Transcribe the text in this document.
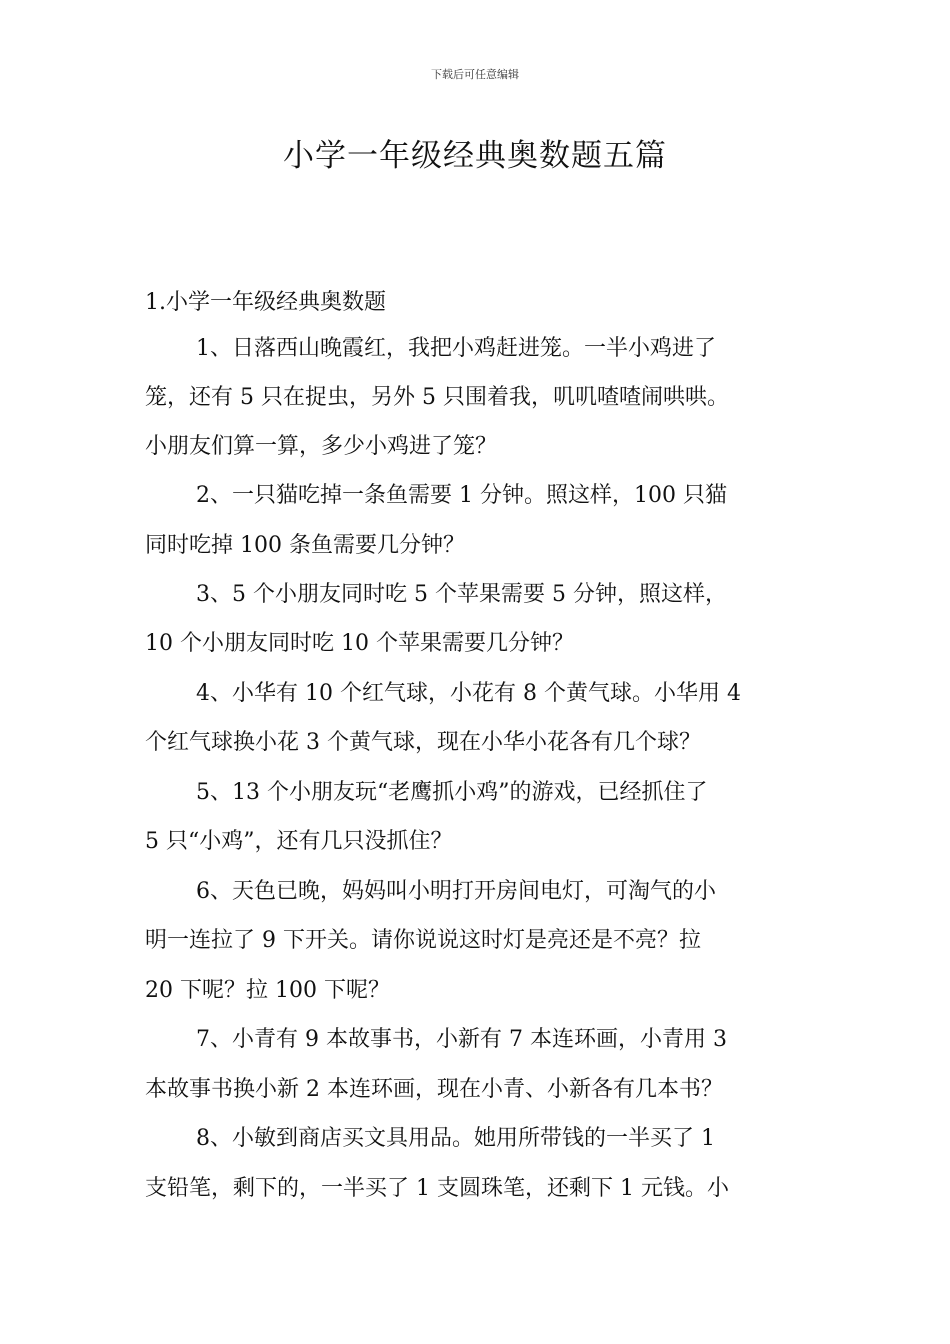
下载后可任意编辑
小学一年级经典奥数题五篇
1.小学一年级经典奥数题
1、日落西山晚霞红，我把小鸡赶进笼。一半小鸡进了
笼，还有 5 只在捉虫，另外 5 只围着我，叽叽喳喳闹哄哄。
小朋友们算一算，多少小鸡进了笼？
2、一只猫吃掉一条鱼需要 1 分钟。照这样，100 只猫
同时吃掉 100 条鱼需要几分钟？
3、5 个小朋友同时吃 5 个苹果需要 5 分钟，照这样，
10 个小朋友同时吃 10 个苹果需要几分钟？
4、小华有 10 个红气球，小花有 8 个黄气球。小华用 4
个红气球换小花 3 个黄气球，现在小华小花各有几个球？
5、13 个小朋友玩“老鹰抓小鸡”的游戏，已经抓住了
5 只“小鸡”，还有几只没抓住？
6、天色已晚，妈妈叫小明打开房间电灯，可淘气的小
明一连拉了 9 下开关。请你说说这时灯是亮还是不亮？拉
20 下呢？拉 100 下呢？
7、小青有 9 本故事书，小新有 7 本连环画，小青用 3
本故事书换小新 2 本连环画，现在小青、小新各有几本书？
8、小敏到商店买文具用品。她用所带钱的一半买了 1
支铅笔，剩下的，一半买了 1 支圆珠笔，还剩下 1 元钱。小
